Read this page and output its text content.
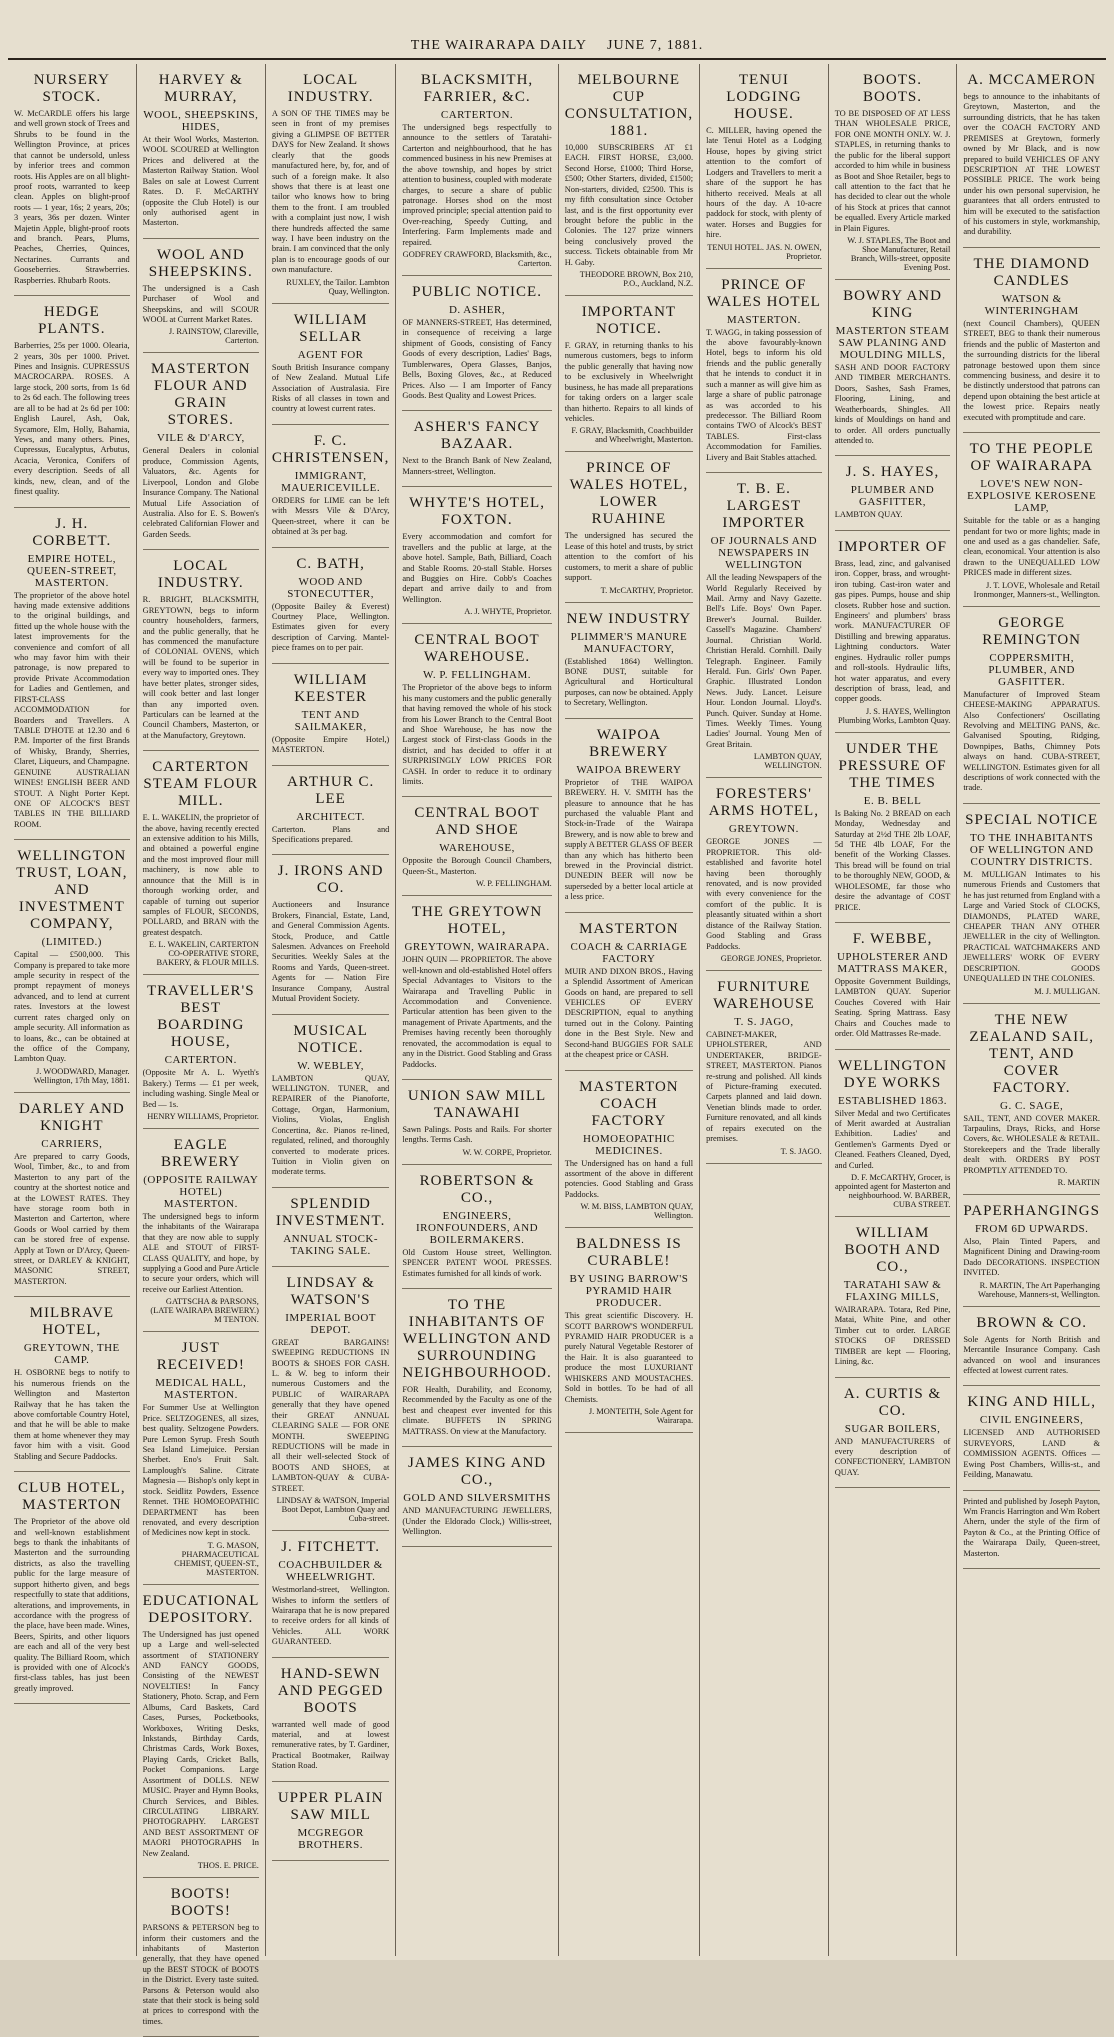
THE WAIRARAPA DAILY JUNE 7, 1881.
NURSERY STOCK.
W. McCARDLE offers his large and well grown stock of Trees and Shrubs to be found in the Wellington Province, at prices that cannot be undersold, unless by inferior trees and common roots. His Apples are on all blight-proof roots, warranted to keep clean. Apples on blight-proof roots — 1 year, 16s; 2 years, 20s; 3 years, 36s per dozen. Winter Majetin Apple, blight-proof roots and branch. Pears, Plums, Peaches, Cherries, Quinces, Nectarines. Currants and Gooseberries. Strawberries. Raspberries. Rhubarb Roots.
HEDGE PLANTS.
Barberries, 25s per 1000. Olearia, 2 years, 30s per 1000. Privet. Pines and Insignis. CUPRESSUS MACROCARPA. ROSES. A large stock, 200 sorts, from 1s 6d to 2s 6d each. The following trees are all to be had at 2s 6d per 100: English Laurel, Ash, Oak, Sycamore, Elm, Holly, Bahamia, Yews, and many others. Pines, Cupressus, Eucalyptus, Arbutus, Acacia, Veronica, Conifers of every description. Seeds of all kinds, new, clean, and of the finest quality.
J. H. CORBETT.
EMPIRE HOTEL, QUEEN-STREET, MASTERTON.
The proprietor of the above hotel having made extensive additions to the original buildings, and fitted up the whole house with the latest improvements for the convenience and comfort of all who may favor him with their patronage, is now prepared to provide Private Accommodation for Ladies and Gentlemen, and FIRST-CLASS ACCOMMODATION for Boarders and Travellers. A TABLE D'HOTE at 12.30 and 6 P.M. Importer of the first Brands of Whisky, Brandy, Sherries, Claret, Liqueurs, and Champagne. GENUINE AUSTRALIAN WINES! ENGLISH BEER AND STOUT. A Night Porter Kept. ONE OF ALCOCK'S BEST TABLES IN THE BILLIARD ROOM.
WELLINGTON TRUST, LOAN, AND INVESTMENT COMPANY,
(LIMITED.)
Capital — £500,000. This Company is prepared to take more ample security in respect of the prompt repayment of moneys advanced, and to lend at current rates. Investors at the lowest current rates charged only on ample security. All information as to loans, &c., can be obtained at the office of the Company, Lambton Quay.
J. WOODWARD, Manager. Wellington, 17th May, 1881.
DARLEY AND KNIGHT
CARRIERS,
Are prepared to carry Goods, Wool, Timber, &c., to and from Masterton to any part of the country at the shortest notice and at the LOWEST RATES. They have storage room both in Masterton and Carterton, where Goods or Wool carried by them can be stored free of expense. Apply at Town or D'Arcy, Queen-street, or DARLEY & KNIGHT, MASONIC STREET, MASTERTON.
MILBRAVE HOTEL,
GREYTOWN, THE CAMP.
H. OSBORNE begs to notify to his numerous friends on the Wellington and Masterton Railway that he has taken the above comfortable Country Hotel, and that he will be able to make them at home whenever they may favor him with a visit. Good Stabling and Secure Paddocks.
CLUB HOTEL, MASTERTON
The Proprietor of the above old and well-known establishment begs to thank the inhabitants of Masterton and the surrounding districts, as also the travelling public for the large measure of support hitherto given, and begs respectfully to state that additions, alterations, and improvements, in accordance with the progress of the place, have been made. Wines, Beers, Spirits, and other liquors are each and all of the very best quality. The Billiard Room, which is provided with one of Alcock's first-class tables, has just been greatly improved.
HARVEY & MURRAY,
WOOL, SHEEPSKINS, HIDES,
At their Wool Works, Masterton. WOOL SCOURED at Wellington Prices and delivered at the Masterton Railway Station. Wool Bales on sale at Lowest Current Rates. D. F. McCARTHY (opposite the Club Hotel) is our only authorised agent in Masterton.
WOOL AND SHEEPSKINS.
The undersigned is a Cash Purchaser of Wool and Sheepskins, and will SCOUR WOOL at Current Market Rates.
J. RAINSTOW, Clareville, Carterton.
MASTERTON FLOUR AND GRAIN STORES.
VILE & D'ARCY,
General Dealers in colonial produce, Commission Agents, Valuators, &c. Agents for Liverpool, London and Globe Insurance Company. The National Mutual Life Association of Australia. Also for E. S. Bowen's celebrated Californian Flower and Garden Seeds.
LOCAL INDUSTRY.
R. BRIGHT, BLACKSMITH, GREYTOWN, begs to inform country householders, farmers, and the public generally, that he has commenced the manufacture of COLONIAL OVENS, which will be found to be superior in every way to imported ones. They have better plates, stronger sides, will cook better and last longer than any imported oven. Particulars can be learned at the Council Chambers, Masterton, or at the Manufactory, Greytown.
CARTERTON STEAM FLOUR MILL.
E. L. WAKELIN, the proprietor of the above, having recently erected an extensive addition to his Mills, and obtained a powerful engine and the most improved flour mill machinery, is now able to announce that the Mill is in thorough working order, and capable of turning out superior samples of FLOUR, SECONDS, POLLARD, and BRAN with the greatest despatch.
E. L. WAKELIN, CARTERTON CO-OPERATIVE STORE, BAKERY, & FLOUR MILLS.
TRAVELLER'S BEST BOARDING HOUSE,
CARTERTON.
(Opposite Mr A. L. Wyeth's Bakery.) Terms — £1 per week, including washing. Single Meal or Bed — 1s.
HENRY WILLIAMS, Proprietor.
EAGLE BREWERY
(OPPOSITE RAILWAY HOTEL) MASTERTON.
The undersigned begs to inform the inhabitants of the Wairarapa that they are now able to supply ALE and STOUT of FIRST-CLASS QUALITY, and hope, by supplying a Good and Pure Article to secure your orders, which will receive our Earliest Attention.
GATTSCHA & PARSONS, (LATE WAIRAPA BREWERY.) M TENTON.
JUST RECEIVED!
MEDICAL HALL, MASTERTON.
For Summer Use at Wellington Price. SELTZOGENES, all sizes, best quality. Seltzogene Powders. Pure Lemon Syrup. Fresh South Sea Island Limejuice. Persian Sherbet. Eno's Fruit Salt. Lamplough's Saline. Citrate Magnesia — Bishop's only kept in stock. Seidlitz Powders, Essence Rennet. THE HOMOEOPATHIC DEPARTMENT has been renovated, and every description of Medicines now kept in stock.
T. G. MASON, PHARMACEUTICAL CHEMIST, QUEEN-ST., MASTERTON.
EDUCATIONAL DEPOSITORY.
The Undersigned has just opened up a Large and well-selected assortment of STATIONERY AND FANCY GOODS, Consisting of the NEWEST NOVELTIES! In Fancy Stationery, Photo. Scrap, and Fern Albums, Card Baskets, Card Cases, Purses, Pocketbooks, Workboxes, Writing Desks, Inkstands, Birthday Cards, Christmas Cards, Work Boxes, Playing Cards, Cricket Balls, Pocket Companions. Large Assortment of DOLLS. NEW MUSIC. Prayer and Hymn Books, Church Services, and Bibles. CIRCULATING LIBRARY. PHOTOGRAPHY. LARGEST AND BEST ASSORTMENT OF MAORI PHOTOGRAPHS In New Zealand.
THOS. E. PRICE.
BOOTS! BOOTS!
PARSONS & PETERSON beg to inform their customers and the inhabitants of Masterton generally, that they have opened up the BEST STOCK of BOOTS in the District. Every taste suited. Parsons & Peterson would also state that their stock is being sold at prices to correspond with the times.
LOCAL INDUSTRY.
A SON OF THE TIMES may be seen in front of my premises giving a GLIMPSE OF BETTER DAYS for New Zealand. It shows clearly that the goods manufactured here, by, for, and of such of a foreign make. It also shows that there is at least one tailor who knows how to bring them to the front. I am troubled with a complaint just now, I wish there hundreds affected the same way. I have been industry on the brain. I am convinced that the only plan is to encourage goods of our own manufacture.
RUXLEY, the Tailor. Lambton Quay, Wellington.
WILLIAM SELLAR
AGENT FOR
South British Insurance company of New Zealand. Mutual Life Association of Australasia. Fire Risks of all classes in town and country at lowest current rates.
F. C. CHRISTENSEN,
IMMIGRANT, MAUERICEVILLE.
ORDERS for LIME can be left with Messrs Vile & D'Arcy, Queen-street, where it can be obtained at 3s per bag.
C. BATH,
WOOD AND STONECUTTER,
(Opposite Bailey & Everest) Courtney Place, Wellington. Estimates given for every description of Carving. Mantel-piece frames on to per pair.
WILLIAM KEESTER
TENT AND SAILMAKER,
(Opposite Empire Hotel,) MASTERTON.
ARTHUR C. LEE
ARCHITECT.
Carterton. Plans and Specifications prepared.
J. IRONS AND CO.
Auctioneers and Insurance Brokers, Financial, Estate, Land, and General Commission Agents. Stock, Produce, and Cattle Salesmen. Advances on Freehold Securities. Weekly Sales at the Rooms and Yards, Queen-street. Agents for — Nation Fire Insurance Company, Austral Mutual Provident Society.
MUSICAL NOTICE.
W. WEBLEY,
LAMBTON QUAY, WELLINGTON. TUNER, and REPAIRER of the Pianoforte, Cottage, Organ, Harmonium, Violins, Violas, English Concertina, &c. Pianos re-lined, regulated, relined, and thoroughly converted to moderate prices. Tuition in Violin given on moderate terms.
SPLENDID INVESTMENT.
ANNUAL STOCK-TAKING SALE.
LINDSAY & WATSON'S
IMPERIAL BOOT DEPOT.
GREAT BARGAINS! SWEEPING REDUCTIONS IN BOOTS & SHOES FOR CASH. L. & W. beg to inform their numerous Customers and the PUBLIC of WAIRARAPA generally that they have opened their GREAT ANNUAL CLEARING SALE — FOR ONE MONTH. SWEEPING REDUCTIONS will be made in all their well-selected Stock of BOOTS AND SHOES, at LAMBTON-QUAY & CUBA-STREET.
LINDSAY & WATSON, Imperial Boot Depot, Lambton Quay and Cuba-street.
J. FITCHETT.
COACHBUILDER & WHEELWRIGHT.
Westmorland-street, Wellington. Wishes to inform the settlers of Wairarapa that he is now prepared to receive orders for all kinds of Vehicles. ALL WORK GUARANTEED.
HAND-SEWN AND PEGGED BOOTS
warranted well made of good material, and at lowest remunerative rates, by T. Gardiner, Practical Bootmaker, Railway Station Road.
UPPER PLAIN SAW MILL
MCGREGOR BROTHERS.
BLACKSMITH, FARRIER, &C.
CARTERTON.
The undersigned begs respectfully to announce to the settlers of Taratahi-Carterton and neighbourhood, that he has commenced business in his new Premises at the above township, and hopes by strict attention to business, coupled with moderate charges, to secure a share of public patronage. Horses shod on the most improved principle; special attention paid to Over-reaching, Speedy Cutting, and Interfering. Farm Implements made and repaired.
GODFREY CRAWFORD, Blacksmith, &c., Carterton.
PUBLIC NOTICE.
D. ASHER,
OF MANNERS-STREET, Has determined, in consequence of receiving a large shipment of Goods, consisting of Fancy Goods of every description, Ladies' Bags, Tumblerwares, Opera Glasses, Banjos, Bells, Boxing Gloves, &c., at Reduced Prices. Also — I am Importer of Fancy Goods. Best Quality and Lowest Prices.
ASHER'S FANCY BAZAAR.
Next to the Branch Bank of New Zealand, Manners-street, Wellington.
WHYTE'S HOTEL, FOXTON.
Every accommodation and comfort for travellers and the public at large, at the above hotel. Sample, Bath, Billiard, Coach and Stable Rooms. 20-stall Stable. Horses and Buggies on Hire. Cobb's Coaches depart and arrive daily to and from Wellington.
A. J. WHYTE, Proprietor.
CENTRAL BOOT WAREHOUSE.
W. P. FELLINGHAM.
The Proprietor of the above begs to inform his many customers and the public generally that having removed the whole of his stock from his Lower Branch to the Central Boot and Shoe Warehouse, he has now the Largest stock of First-class Goods in the district, and has decided to offer it at SURPRISINGLY LOW PRICES FOR CASH. In order to reduce it to ordinary limits.
CENTRAL BOOT AND SHOE
WAREHOUSE,
Opposite the Borough Council Chambers, Queen-St., Masterton.
W. P. FELLINGHAM.
THE GREYTOWN HOTEL,
GREYTOWN, WAIRARAPA.
JOHN QUIN — PROPRIETOR. The above well-known and old-established Hotel offers Special Advantages to Visitors to the Wairarapa and Travelling Public in Accommodation and Convenience. Particular attention has been given to the management of Private Apartments, and the Premises having recently been thoroughly renovated, the accommodation is equal to any in the District. Good Stabling and Grass Paddocks.
UNION SAW MILL TANAWAHI
Sawn Palings. Posts and Rails. For shorter lengths. Terms Cash.
W. W. CORPE, Proprietor.
ROBERTSON & CO.,
ENGINEERS, IRONFOUNDERS, AND BOILERMAKERS.
Old Custom House street, Wellington. SPENCER PATENT WOOL PRESSES. Estimates furnished for all kinds of work.
TO THE INHABITANTS OF WELLINGTON AND SURROUNDING NEIGHBOURHOOD.
FOR Health, Durability, and Economy, Recommended by the Faculty as one of the best and cheapest ever invented for this climate. BUFFETS IN SPRING MATTRASS. On view at the Manufactory.
JAMES KING AND CO.,
GOLD AND SILVERSMITHS
AND MANUFACTURING JEWELLERS, (Under the Eldorado Clock,) Willis-street, Wellington.
MELBOURNE CUP CONSULTATION, 1881.
10,000 SUBSCRIBERS AT £1 EACH. FIRST HORSE, £3,000. Second Horse, £1000; Third Horse, £500; Other Starters, divided, £1500; Non-starters, divided, £2500. This is my fifth consultation since October last, and is the first opportunity ever brought before the public in the Colonies. The 127 prize winners being conclusively proved the success. Tickets obtainable from Mr H. Gaby.
THEODORE BROWN, Box 210, P.O., Auckland, N.Z.
IMPORTANT NOTICE.
F. GRAY, in returning thanks to his numerous customers, begs to inform the public generally that having now to be exclusively in Wheelwright business, he has made all preparations for taking orders on a larger scale than hitherto. Repairs to all kinds of vehicles.
F. GRAY, Blacksmith, Coachbuilder and Wheelwright, Masterton.
PRINCE OF WALES HOTEL, LOWER RUAHINE
The undersigned has secured the Lease of this hotel and trusts, by strict attention to the comfort of his customers, to merit a share of public support.
T. McCARTHY, Proprietor.
NEW INDUSTRY
PLIMMER'S MANURE MANUFACTORY,
(Established 1864) Wellington. BONE DUST, suitable for Agricultural and Horticultural purposes, can now be obtained. Apply to Secretary, Wellington.
WAIPOA BREWERY
WAIPOA BREWERY
Proprietor of THE WAIPOA BREWERY. H. V. SMITH has the pleasure to announce that he has purchased the valuable Plant and Stock-in-Trade of the Wairapa Brewery, and is now able to brew and supply A BETTER GLASS OF BEER than any which has hitherto been brewed in the Provincial district. DUNEDIN BEER will now be superseded by a better local article at a less price.
MASTERTON
COACH & CARRIAGE FACTORY
MUIR AND DIXON BROS., Having a Splendid Assortment of American Goods on hand, are prepared to sell VEHICLES OF EVERY DESCRIPTION, equal to anything turned out in the Colony. Painting done in the Best Style. New and Second-hand BUGGIES FOR SALE at the cheapest price or CASH.
MASTERTON COACH FACTORY
HOMOEOPATHIC MEDICINES.
The Undersigned has on hand a full assortment of the above in different potencies. Good Stabling and Grass Paddocks.
W. M. BISS, LAMBTON QUAY, Wellington.
BALDNESS IS CURABLE!
BY USING BARROW'S PYRAMID HAIR PRODUCER.
This great scientific Discovery. H. SCOTT BARROW'S WONDERFUL PYRAMID HAIR PRODUCER is a purely Natural Vegetable Restorer of the Hair. It is also guaranteed to produce the most LUXURIANT WHISKERS AND MOUSTACHES. Sold in bottles. To be had of all Chemists.
J. MONTEITH, Sole Agent for Wairarapa.
TENUI LODGING HOUSE.
C. MILLER, having opened the late Tenui Hotel as a Lodging House, hopes by giving strict attention to the comfort of Lodgers and Travellers to merit a share of the support he has hitherto received. Meals at all hours of the day. A 10-acre paddock for stock, with plenty of water. Horses and Buggies for hire.
TENUI HOTEL. JAS. N. OWEN, Proprietor.
PRINCE OF WALES HOTEL
MASTERTON.
T. WAGG, in taking possession of the above favourably-known Hotel, begs to inform his old friends and the public generally that he intends to conduct it in such a manner as will give him as large a share of public patronage as was accorded to his predecessor. The Billiard Room contains TWO of Alcock's BEST TABLES. First-class Accommodation for Families. Livery and Bait Stables attached.
T. B. E. LARGEST IMPORTER
OF JOURNALS AND NEWSPAPERS IN WELLINGTON
All the leading Newspapers of the World Regularly Received by Mail. Army and Navy Gazette. Bell's Life. Boys' Own Paper. Brewer's Journal. Builder. Cassell's Magazine. Chambers' Journal. Christian World. Christian Herald. Cornhill. Daily Telegraph. Engineer. Family Herald. Fun. Girls' Own Paper. Graphic. Illustrated London News. Judy. Lancet. Leisure Hour. London Journal. Lloyd's. Punch. Quiver. Sunday at Home. Times. Weekly Times. Young Ladies' Journal. Young Men of Great Britain.
LAMBTON QUAY, WELLINGTON.
FORESTERS' ARMS HOTEL,
GREYTOWN.
GEORGE JONES — PROPRIETOR. This old-established and favorite hotel having been thoroughly renovated, and is now provided with every convenience for the comfort of the public. It is pleasantly situated within a short distance of the Railway Station. Good Stabling and Grass Paddocks.
GEORGE JONES, Proprietor.
FURNITURE WAREHOUSE
T. S. JAGO,
CABINET-MAKER, UPHOLSTERER, AND UNDERTAKER, BRIDGE-STREET, MASTERTON. Pianos re-strung and polished. All kinds of Picture-framing executed. Carpets planned and laid down. Venetian blinds made to order. Furniture renovated, and all kinds of repairs executed on the premises.
T. S. JAGO.
BOOTS. BOOTS.
TO BE DISPOSED OF AT LESS THAN WHOLESALE PRICE, FOR ONE MONTH ONLY. W. J. STAPLES, in returning thanks to the public for the liberal support accorded to him while in business as Boot and Shoe Retailer, begs to call attention to the fact that he has decided to clear out the whole of his Stock at prices that cannot be equalled. Every Article marked in Plain Figures.
W. J. STAPLES, The Boot and Shoe Manufacturer, Retail Branch, Wills-street, opposite Evening Post.
BOWRY AND KING
MASTERTON STEAM SAW PLANING AND MOULDING MILLS,
SASH AND DOOR FACTORY AND TIMBER MERCHANTS. Doors, Sashes, Sash Frames, Flooring, Lining, and Weatherboards, Shingles. All kinds of Mouldings on hand and to order. All orders punctually attended to.
J. S. HAYES,
PLUMBER AND GASFITTER,
LAMBTON QUAY.
IMPORTER OF
Brass, lead, zinc, and galvanised iron. Copper, brass, and wrought-iron tubing. Cast-iron water and gas pipes. Pumps, house and ship closets. Rubber hose and suction. Engineers' and plumbers' brass work. MANUFACTURER OF Distilling and brewing apparatus. Lightning conductors. Water engines. Hydraulic roller pumps and roll-stools. Hydraulic lifts, hot water apparatus, and every description of brass, lead, and copper goods.
J. S. HAYES, Wellington Plumbing Works, Lambton Quay.
UNDER THE PRESSURE OF THE TIMES
E. B. BELL
Is Baking No. 2 BREAD on each Monday, Wednesday and Saturday at 2½d THE 2lb LOAF, 5d THE 4lb LOAF, For the benefit of the Working Classes. This bread will be found on trial to be thoroughly NEW, GOOD, & WHOLESOME, far those who desire the advantage of COST PRICE.
F. WEBBE,
UPHOLSTERER AND MATTRASS MAKER,
Opposite Government Buildings, LAMBTON QUAY. Superior Couches Covered with Hair Seating. Spring Mattrass. Easy Chairs and Couches made to order. Old Mattrasses Re-made.
WELLINGTON DYE WORKS
ESTABLISHED 1863.
Silver Medal and two Certificates of Merit awarded at Australian Exhibition. Ladies' and Gentlemen's Garments Dyed or Cleaned. Feathers Cleaned, Dyed, and Curled.
D. F. McCARTHY, Grocer, is appointed agent for Masterton and neighbourhood. W. BARBER, CUBA STREET.
WILLIAM BOOTH AND CO.,
TARATAHI SAW & FLAXING MILLS,
WAIRARAPA. Totara, Red Pine, Matai, White Pine, and other Timber cut to order. LARGE STOCKS OF DRESSED TIMBER are kept — Flooring, Lining, &c.
A. CURTIS & CO.
SUGAR BOILERS,
AND MANUFACTURERS of every description of CONFECTIONERY, LAMBTON QUAY.
A. MCCAMERON
begs to announce to the inhabitants of Greytown, Masterton, and the surrounding districts, that he has taken over the COACH FACTORY AND PREMISES at Greytown, formerly owned by Mr Black, and is now prepared to build VEHICLES OF ANY DESCRIPTION AT THE LOWEST POSSIBLE PRICE. The work being under his own personal supervision, he guarantees that all orders entrusted to him will be executed to the satisfaction of his customers in style, workmanship, and durability.
THE DIAMOND CANDLES
WATSON & WINTERINGHAM
(next Council Chambers), QUEEN STREET, BEG to thank their numerous friends and the public of Masterton and the surrounding districts for the liberal patronage bestowed upon them since commencing business, and desire it to be distinctly understood that patrons can depend upon obtaining the best article at the lowest price. Repairs neatly executed with promptitude and care.
TO THE PEOPLE OF WAIRARAPA
LOVE'S NEW NON-EXPLOSIVE KEROSENE LAMP,
Suitable for the table or as a hanging pendant for two or more lights; made in one and used as a gas chandelier. Safe, clean, economical. Your attention is also drawn to the UNEQUALLED LOW PRICES made in different sizes.
J. T. LOVE, Wholesale and Retail Ironmonger, Manners-st., Wellington.
GEORGE REMINGTON
COPPERSMITH, PLUMBER, AND GASFITTER.
Manufacturer of Improved Steam CHEESE-MAKING APPARATUS. Also Confectioners' Oscillating Revolving and MELTING PANS, &c. Galvanised Spouting, Ridging, Downpipes, Baths, Chimney Pots always on hand. CUBA-STREET, WELLINGTON. Estimates given for all descriptions of work connected with the trade.
SPECIAL NOTICE
TO THE INHABITANTS OF WELLINGTON AND COUNTRY DISTRICTS.
M. MULLIGAN Intimates to his numerous Friends and Customers that he has just returned from England with a Large and Varied Stock of CLOCKS, DIAMONDS, PLATED WARE, CHEAPER THAN ANY OTHER JEWELLER in the city of Wellington. PRACTICAL WATCHMAKERS AND JEWELLERS' WORK OF EVERY DESCRIPTION. GOODS UNEQUALLED IN THE COLONIES.
M. J. MULLIGAN.
THE NEW ZEALAND SAIL, TENT, AND COVER FACTORY.
G. C. SAGE,
SAIL, TENT, AND COVER MAKER. Tarpaulins, Drays, Ricks, and Horse Covers, &c. WHOLESALE & RETAIL. Storekeepers and the Trade liberally dealt with. ORDERS BY POST PROMPTLY ATTENDED TO.
R. MARTIN
PAPERHANGINGS
FROM 6D UPWARDS.
Also, Plain Tinted Papers, and Magnificent Dining and Drawing-room Dado DECORATIONS. INSPECTION INVITED.
R. MARTIN, The Art Paperhanging Warehouse, Manners-st, Wellington.
BROWN & CO.
Sole Agents for North British and Mercantile Insurance Company. Cash advanced on wool and insurances effected at lowest current rates.
KING AND HILL,
CIVIL ENGINEERS,
LICENSED AND AUTHORISED SURVEYORS, LAND & COMMISSION AGENTS. Offices — Ewing Post Chambers, Willis-st., and Feilding, Manawatu.
Printed and published by Joseph Payton, Wm Francis Harrington and Wm Robert Ahern, under the style of the firm of Payton & Co., at the Printing Office of the Wairarapa Daily, Queen-street, Masterton.
